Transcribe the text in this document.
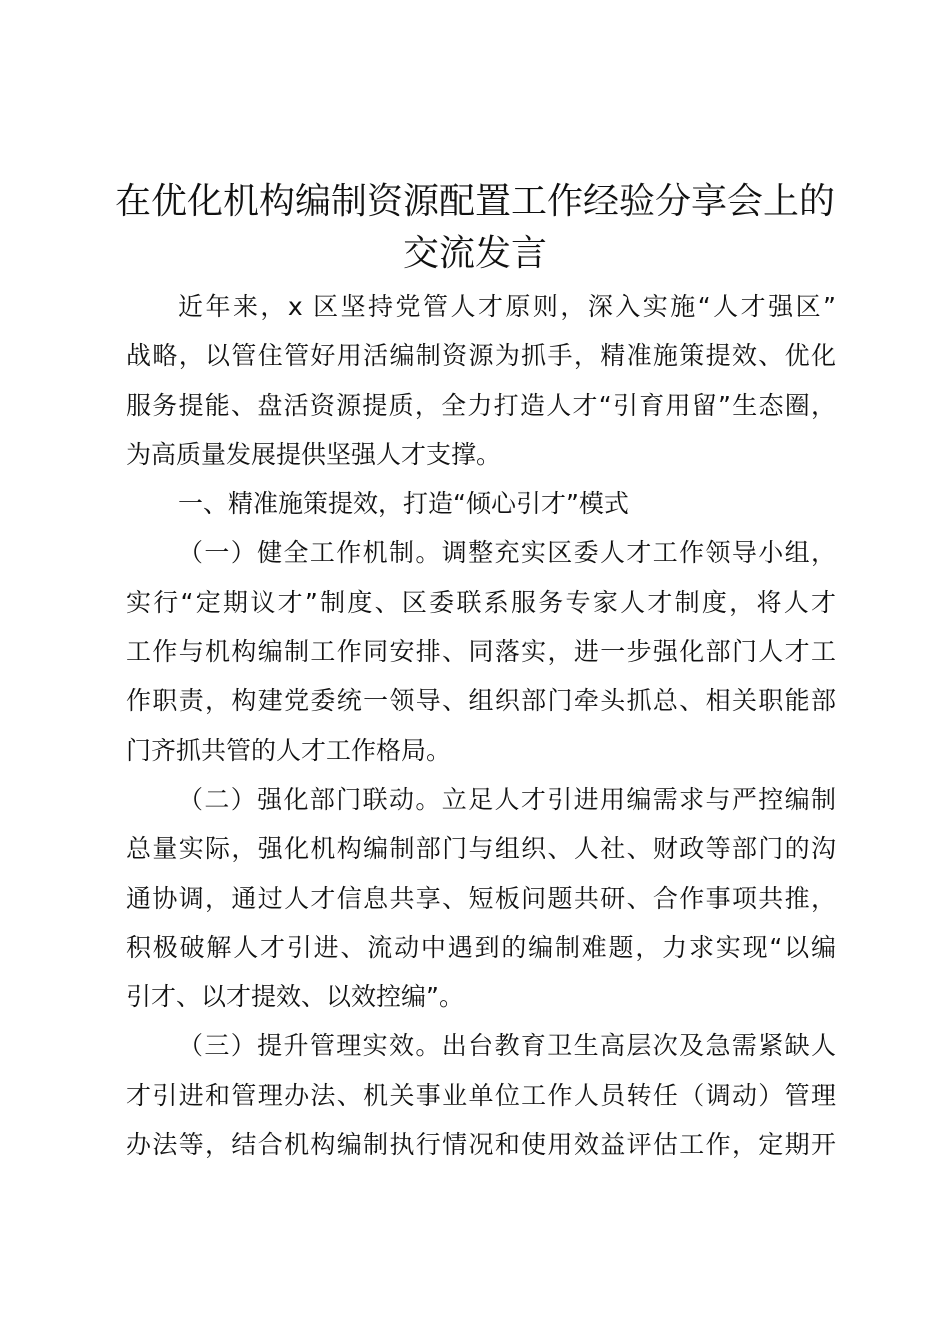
在优化机构编制资源配置工作经验分享会上的
交流发言
近年来，x 区坚持党管人才原则，深入实施“人才强区”
战略，以管住管好用活编制资源为抓手，精准施策提效、优化
服务提能、盘活资源提质，全力打造人才“引育用留”生态圈，
为高质量发展提供坚强人才支撑。
一、精准施策提效，打造“倾心引才”模式
（一）健全工作机制。调整充实区委人才工作领导小组，
实行“定期议才”制度、区委联系服务专家人才制度，将人才
工作与机构编制工作同安排、同落实，进一步强化部门人才工
作职责，构建党委统一领导、组织部门牵头抓总、相关职能部
门齐抓共管的人才工作格局。
（二）强化部门联动。立足人才引进用编需求与严控编制
总量实际，强化机构编制部门与组织、人社、财政等部门的沟
通协调，通过人才信息共享、短板问题共研、合作事项共推，
积极破解人才引进、流动中遇到的编制难题，力求实现“以编
引才、以才提效、以效控编”。
（三）提升管理实效。出台教育卫生高层次及急需紧缺人
才引进和管理办法、机关事业单位工作人员转任（调动）管理
办法等，结合机构编制执行情况和使用效益评估工作，定期开
